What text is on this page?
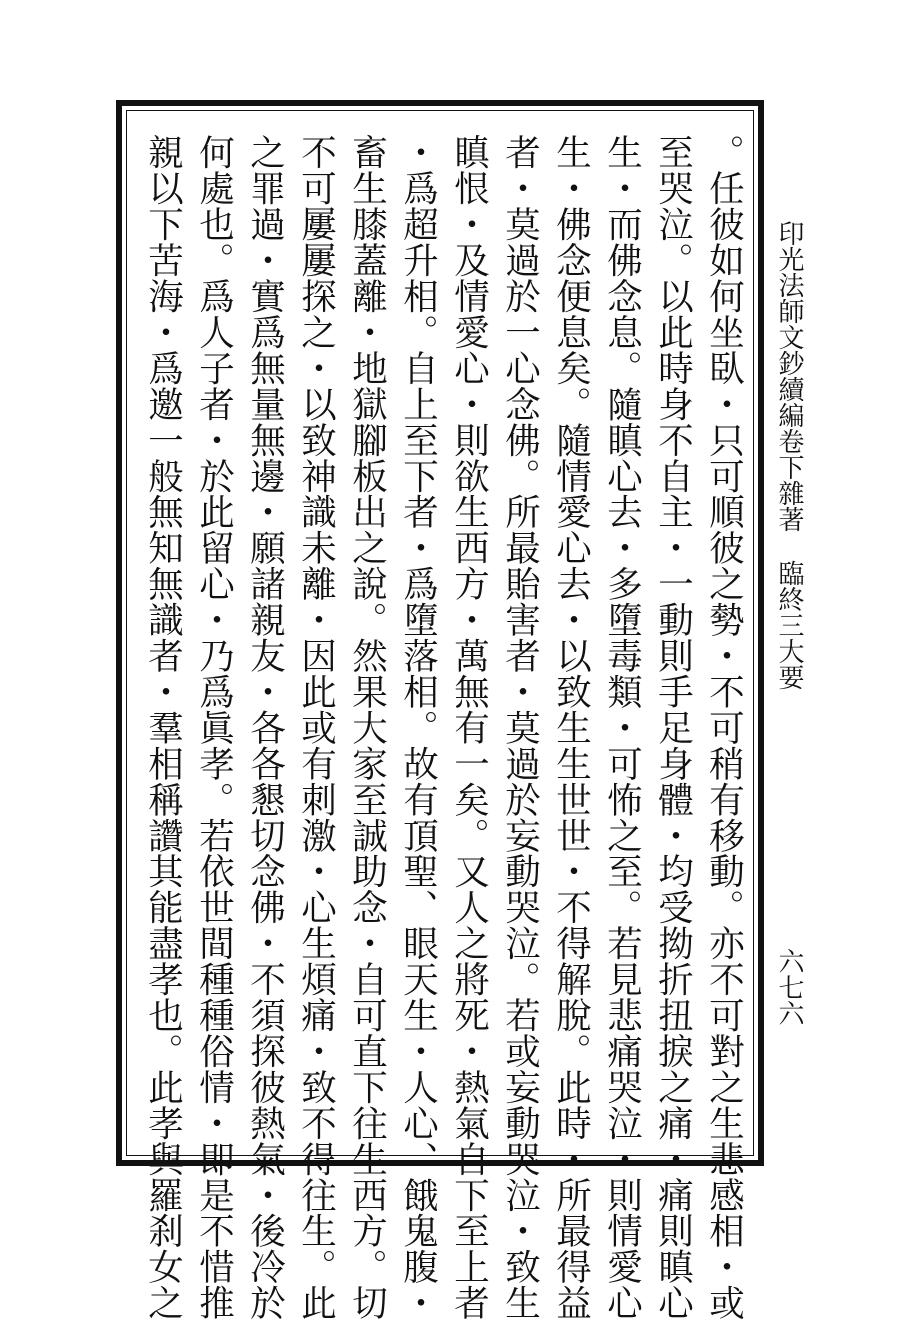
。任彼如何坐臥・只可順彼之勢・不可稍有移動。亦不可對之生悲感相・或
至哭泣。以此時身不自主・一動則手足身體・均受拗折扭捩之痛・痛則瞋心
生・而佛念息。隨瞋心去・多墮毒類・可怖之至。若見悲痛哭泣・則情愛心
生・佛念便息矣。隨情愛心去・以致生生世世・不得解脫。此時・所最得益
者・莫過於一心念佛。所最貽害者・莫過於妄動哭泣。若或妄動哭泣・致生
瞋恨・及情愛心・則欲生西方・萬無有一矣。又人之將死・熱氣自下至上者
・爲超升相。自上至下者・爲墮落相。故有頂聖、眼天生・人心、餓鬼腹・
畜生膝蓋離・地獄腳板出之說。然果大家至誠助念・自可直下往生西方。切
不可屢屢探之・以致神識未離・因此或有刺激・心生煩痛・致不得往生。此
之罪過・實爲無量無邊・願諸親友・各各懇切念佛・不須探彼熱氣・後冷於
何處也。爲人子者・於此留心・乃爲眞孝。若依世間種種俗情・即是不惜推
親以下苦海・爲邀一般無知無識者・羣相稱讚其能盡孝也。此孝與羅刹女之	印光法師文鈔續編卷下
雜著
臨終三大要
六七六
